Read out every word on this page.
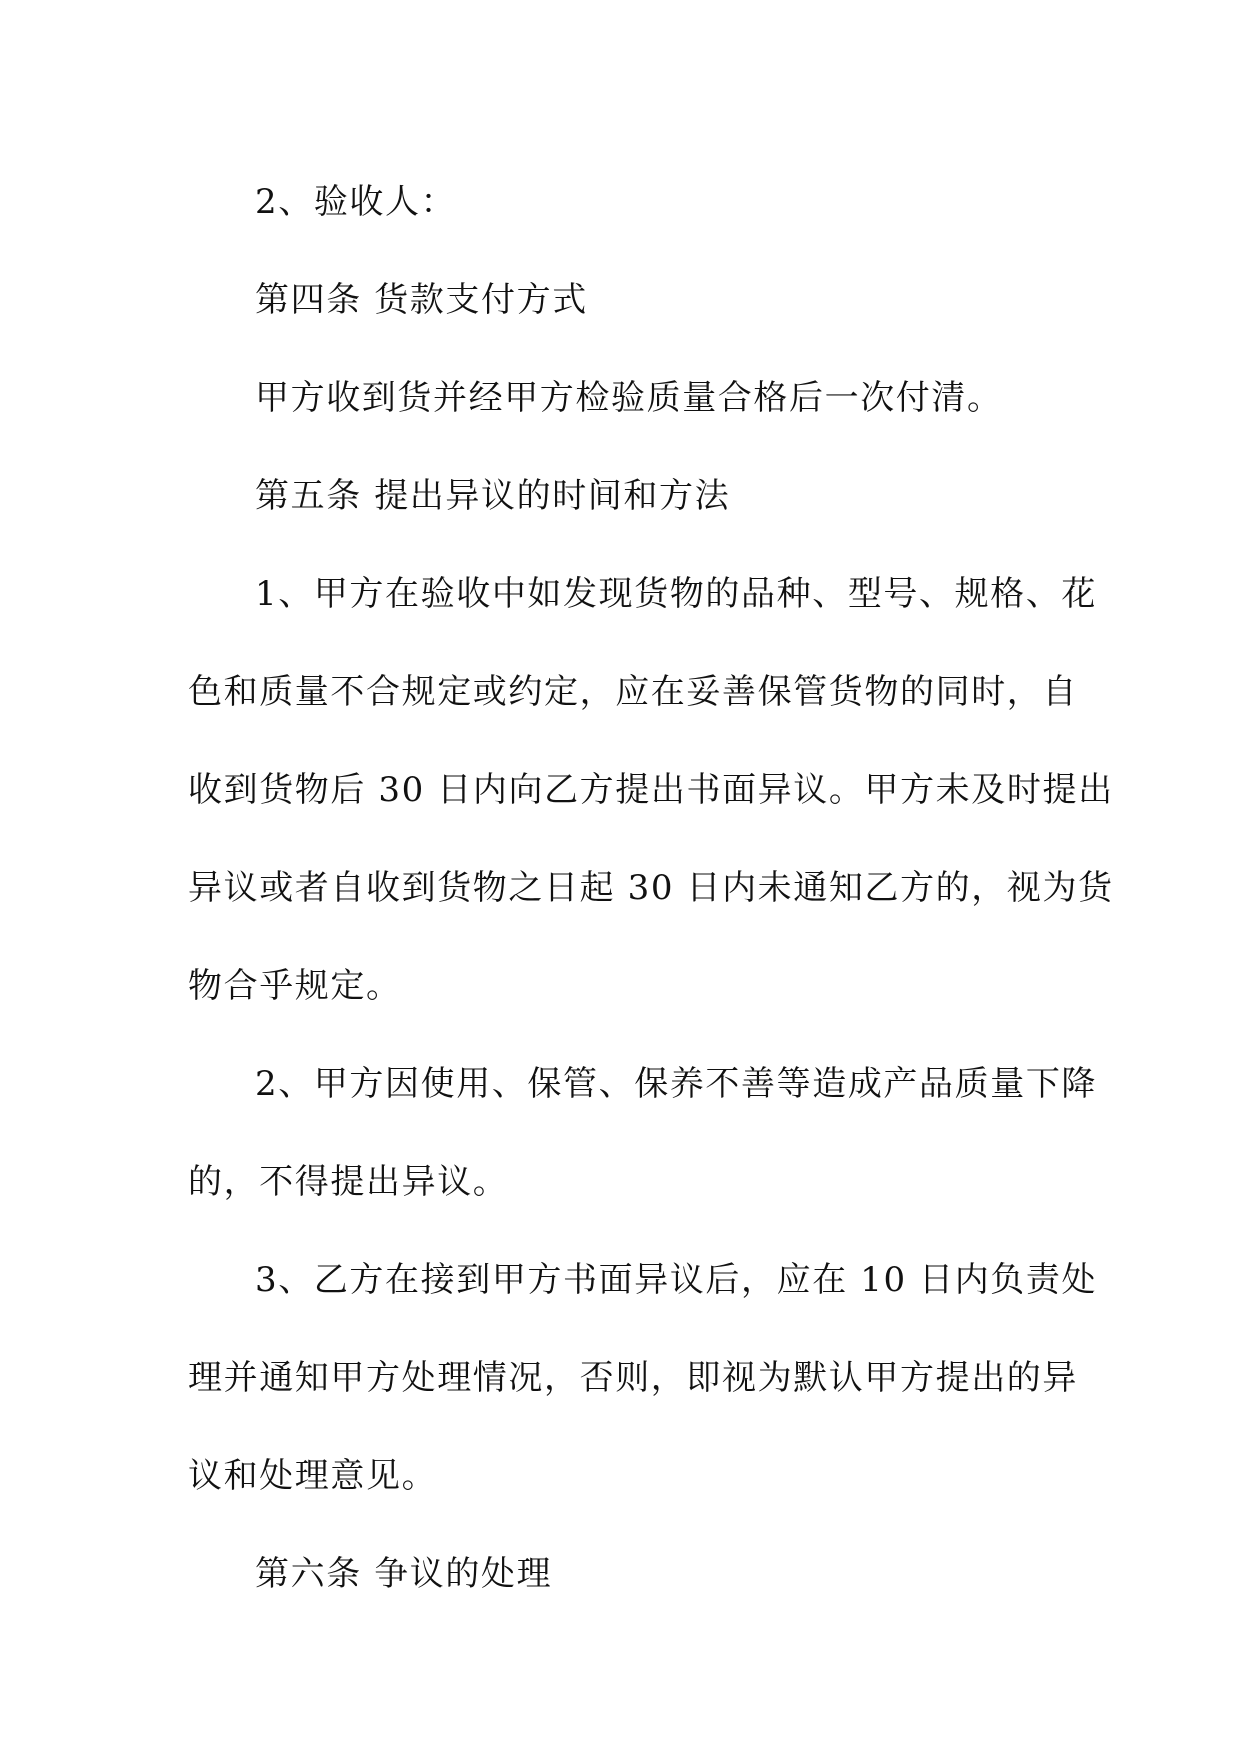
2、验收人：
第四条 货款支付方式
甲方收到货并经甲方检验质量合格后一次付清。
第五条 提出异议的时间和方法
1、甲方在验收中如发现货物的品种、型号、规格、花
色和质量不合规定或约定，应在妥善保管货物的同时，自
收到货物后 30 日内向乙方提出书面异议。甲方未及时提出
异议或者自收到货物之日起 30 日内未通知乙方的，视为货
物合乎规定。
2、甲方因使用、保管、保养不善等造成产品质量下降
的，不得提出异议。
3、乙方在接到甲方书面异议后，应在 10 日内负责处
理并通知甲方处理情况，否则，即视为默认甲方提出的异
议和处理意见。
第六条 争议的处理
